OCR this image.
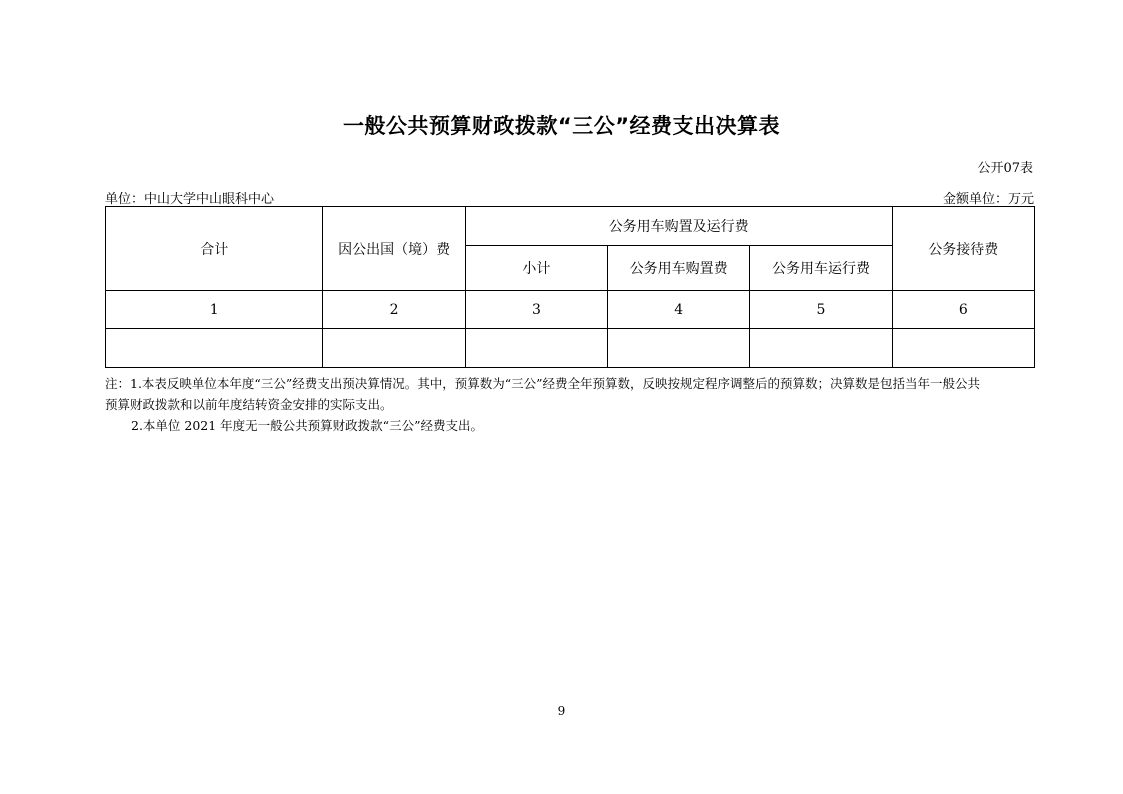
一般公共预算财政拨款“三公”经费支出决算表
公开07表
单位：中山大学中山眼科中心	金额单位：万元
合计	因公出国（境）费	公务用车购置及运行费			公务接待费
		小计	公务用车购置费	公务用车运行费	
1	2	3	4	5	6

注：1.本表反映单位本年度“三公”经费支出预决算情况。其中，预算数为“三公”经费全年预算数，反映按规定程序调整后的预算数；决算数是包括当年一般公共

预算财政拨款和以前年度结转资金安排的实际支出。

2.本单位 2021 年度无一般公共预算财政拨款“三公”经费支出。

9
